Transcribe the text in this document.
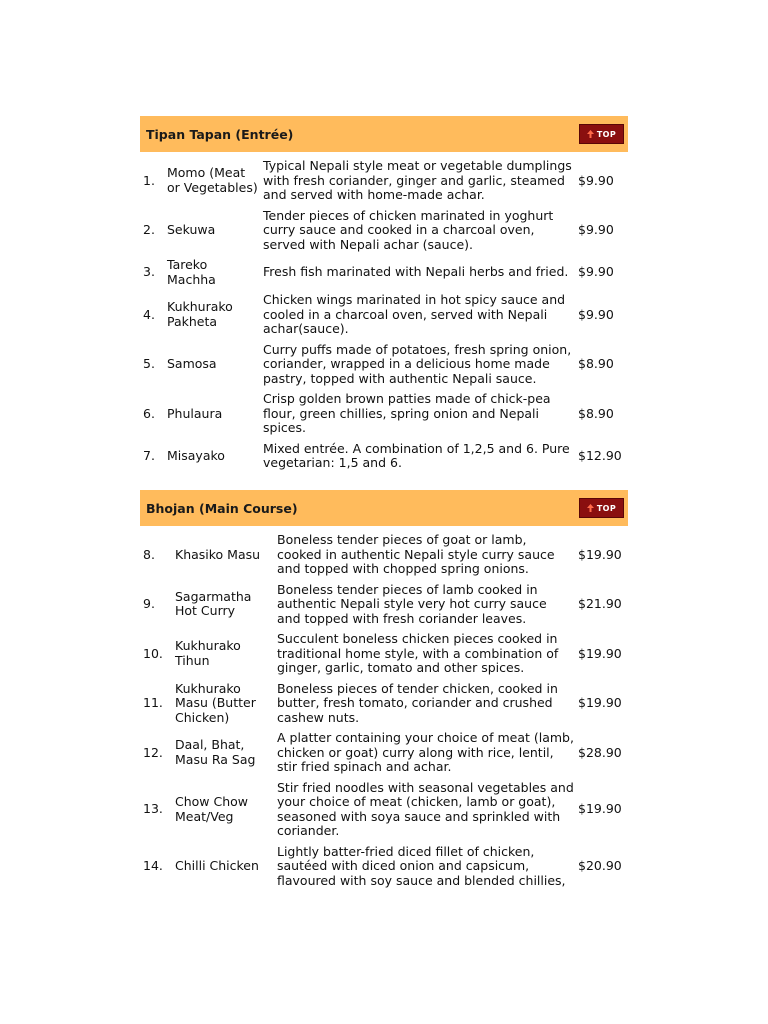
Tipan Tapan (Entrée)	TOP
1. Momo (Meat or Vegetables)
Typical Nepali style meat or vegetable dumplings with fresh coriander, ginger and garlic, steamed and served with home-made achar.
$9.90
2. Sekuwa
Tender pieces of chicken marinated in yoghurt curry sauce and cooked in a charcoal oven, served with Nepali achar (sauce).
$9.90
3. Tareko Machha	Fresh fish marinated with Nepali herbs and fried. $9.90
4. Kukhurako Pakheta
Chicken wings marinated in hot spicy sauce and cooled in a charcoal oven, served with Nepali achar(sauce).
$9.90
5. Samosa
Curry puffs made of potatoes, fresh spring onion, coriander, wrapped in a delicious home made pastry, topped with authentic Nepali sauce.
$8.90
6. Phulaura
Crisp golden brown patties made of chick-pea flour, green chillies, spring onion and Nepali spices.
$8.90
7. Misayako	Mixed entrée. A combination of 1,2,5 and 6. Pure vegetarian: 1,5 and 6.	$12.90
Bhojan (Main Course)	TOP
8.	Khasiko Masu
Boneless tender pieces of goat or lamb, cooked in authentic Nepali style curry sauce and topped with chopped spring onions.
$19.90
9.	Sagarmatha Hot Curry
Boneless tender pieces of lamb cooked in authentic Nepali style very hot curry sauce and topped with fresh coriander leaves.
$21.90
10. Kukhurako Tihun
Succulent boneless chicken pieces cooked in traditional home style, with a combination of ginger, garlic, tomato and other spices.
$19.90
11.
Kukhurako Masu (Butter Chicken)
Boneless pieces of tender chicken, cooked in butter, fresh tomato, coriander and crushed cashew nuts.
$19.90
12. Daal, Bhat, Masu Ra Sag
A platter containing your choice of meat (lamb, chicken or goat) curry along with rice, lentil, stir fried spinach and achar.
$28.90
13. Chow Chow Meat/Veg
Stir fried noodles with seasonal vegetables and your choice of meat (chicken, lamb or goat), seasoned with soya sauce and sprinkled with coriander.
$19.90
14. Chilli Chicken
Lightly batter-fried diced fillet of chicken, sautéed with diced onion and capsicum, flavoured with soy sauce and blended chillies,
$20.90
